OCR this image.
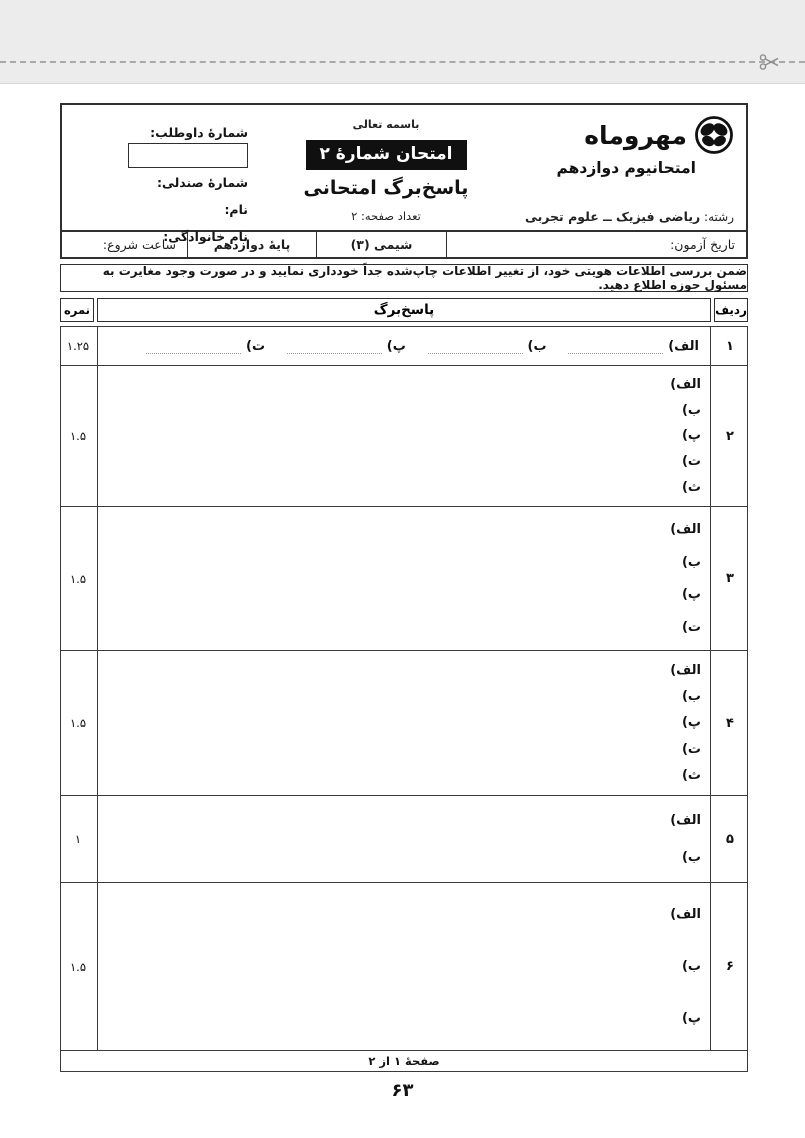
مهروماه
امتحانیوم دوازدهم
رشته: ریاضی فیزیک ــ علوم تجربی
باسمه تعالی
امتحان شمارهٔ ۲
پاسخ‌برگ امتحانی
تعداد صفحه: ۲
شمارهٔ داوطلب:
شمارهٔ صندلی:
نام:
نام خانوادگی:
تاریخ آزمون:
شیمی (۳)
پایهٔ دوازدهم
ساعت شروع:
ضمن بررسی اطلاعات هویتی خود، از تغییر اطلاعات چاپ‌شده جداً خودداری نمایید و در صورت وجود مغایرت به مسئول حوزه اطلاع دهید.
ردیف
پاسخ‌برگ
نمره
۱
الف)
ب)
پ)
ت)
۱.۲۵
۲
الف)
ب)
پ)
ت)
ث)
۱.۵
۳
الف)
ب)
پ)
ت)
۱.۵
۴
الف)
ب)
پ)
ت)
ث)
۱.۵
۵
الف)
ب)
۱
۶
الف)
ب)
پ)
۱.۵
صفحهٔ ۱ از ۲
۶۳
